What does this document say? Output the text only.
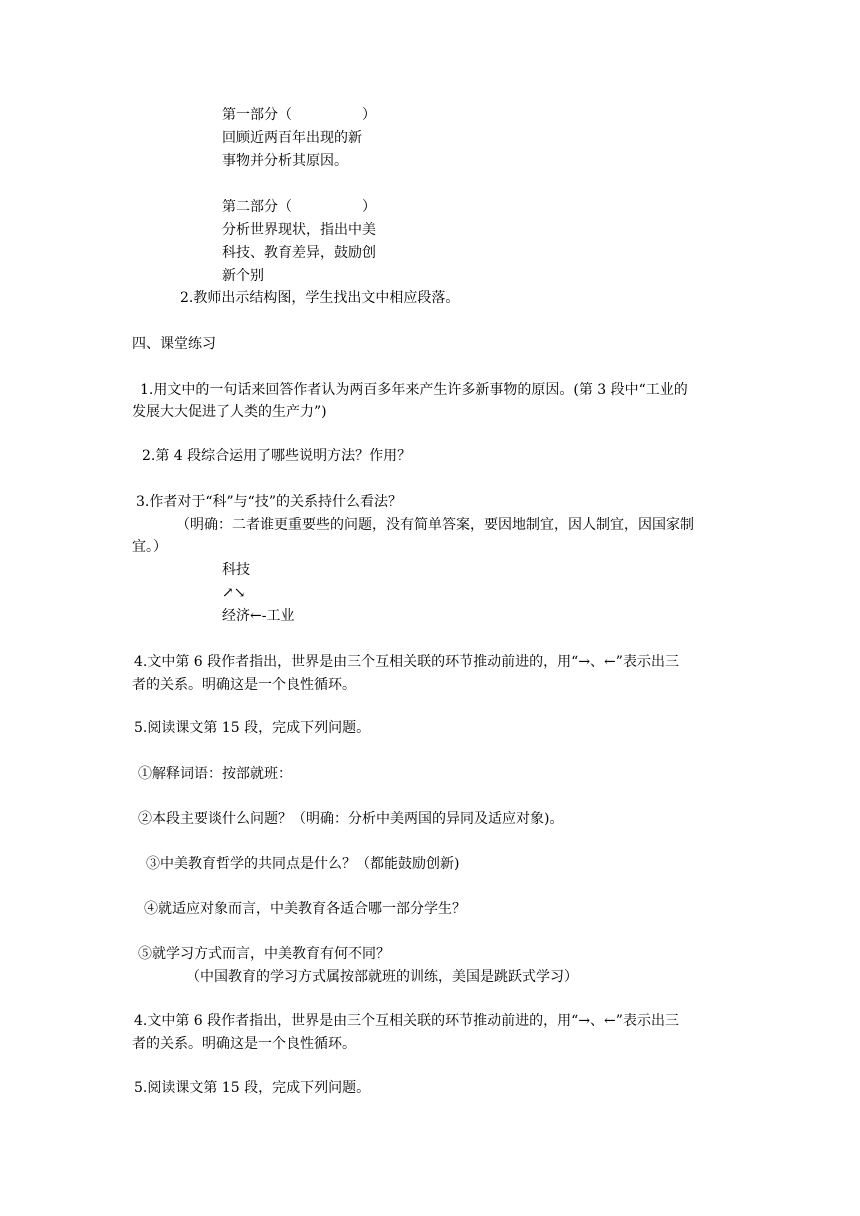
第一部分（　　　　　）
回顾近两百年出现的新
事物并分析其原因。
第二部分（　　　　　）
分析世界现状，指出中美
科技、教育差异，鼓励创
新个别
2.教师出示结构图，学生找出文中相应段落。
四、课堂练习
1.用文中的一句话来回答作者认为两百多年来产生许多新事物的原因。(第 3 段中“工业的
发展大大促进了人类的生产力”)
2.第 4 段综合运用了哪些说明方法？作用？
3.作者对于“科”与“技”的关系持什么看法？
（明确：二者谁更重要些的问题，没有简单答案，要因地制宜，因人制宜，因国家制
宜。）
科技
↗↘
经济←-工业
4.文中第 6 段作者指出，世界是由三个互相关联的环节推动前进的，用“→、←”表示出三
者的关系。明确这是一个良性循环。
5.阅读课文第 15 段，完成下列问题。
①解释词语：按部就班：
②本段主要谈什么问题？（明确：分析中美两国的异同及适应对象)。
③中美教育哲学的共同点是什么？（都能鼓励创新)
④就适应对象而言，中美教育各适合哪一部分学生？
⑤就学习方式而言，中美教育有何不同？
（中国教育的学习方式属按部就班的训练，美国是跳跃式学习）
4.文中第 6 段作者指出，世界是由三个互相关联的环节推动前进的，用“→、←”表示出三
者的关系。明确这是一个良性循环。
5.阅读课文第 15 段，完成下列问题。
